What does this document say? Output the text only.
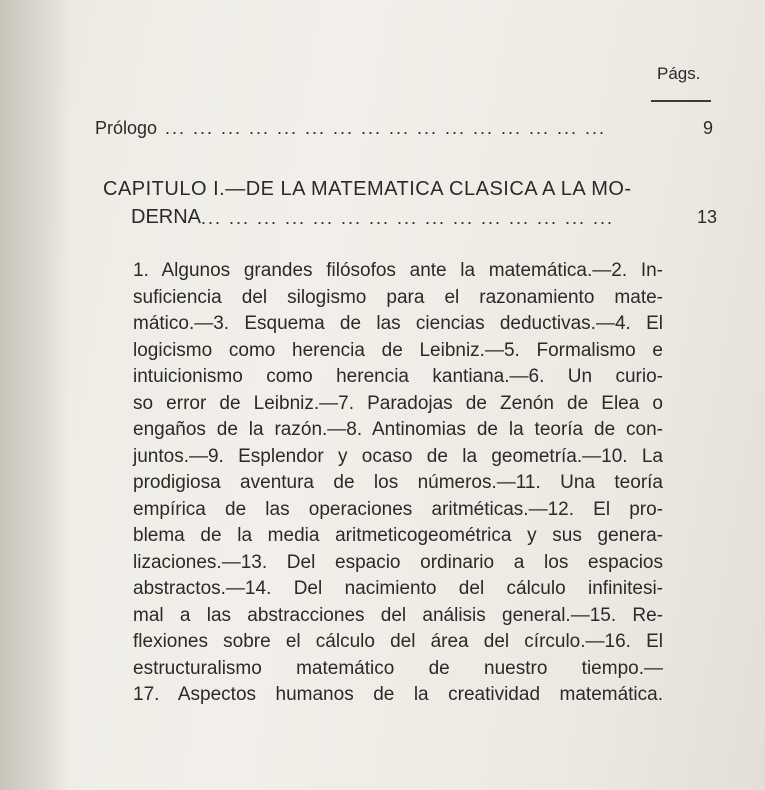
Págs.
Prólogo ... ... ... ... ... ... ... ... ... ... ... ... ... ... ... ...	9
CAPITULO I.—DE LA MATEMATICA CLASICA A LA MO-
DERNA ... ... ... ... ... ... ... ... ... ... ... ... ... ... ...	13
1. Algunos grandes filósofos ante la matemática.—2. In-
suficiencia del silogismo para el razonamiento mate-
mático.—3. Esquema de las ciencias deductivas.—4. El
logicismo como herencia de Leibniz.—5. Formalismo e
intuicionismo como herencia kantiana.—6. Un curio-
so error de Leibniz.—7. Paradojas de Zenón de Elea o
engaños de la razón.—8. Antinomias de la teoría de con-
juntos.—9. Esplendor y ocaso de la geometría.—10. La
prodigiosa aventura de los números.—11. Una teoría
empírica de las operaciones aritméticas.—12. El pro-
blema de la media aritmeticogeométrica y sus genera-
lizaciones.—13. Del espacio ordinario a los espacios
abstractos.—14. Del nacimiento del cálculo infinitesi-
mal a las abstracciones del análisis general.—15. Re-
flexiones sobre el cálculo del área del círculo.—16. El
estructuralismo matemático de nuestro tiempo.—
17. Aspectos humanos de la creatividad matemática.
